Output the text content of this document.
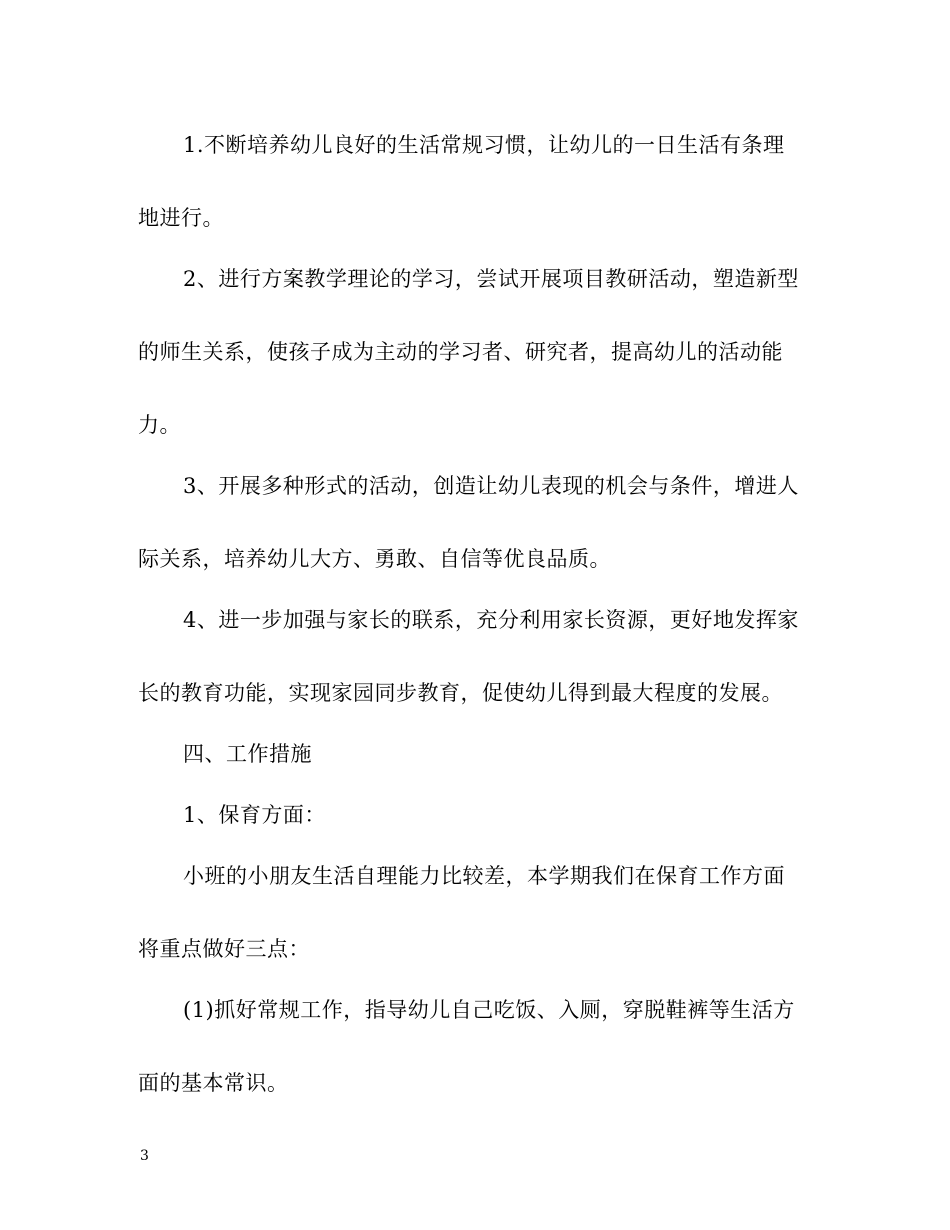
1.不断培养幼儿良好的生活常规习惯，让幼儿的一日生活有条理
地进行。
2、进行方案教学理论的学习，尝试开展项目教研活动，塑造新型
的师生关系，使孩子成为主动的学习者、研究者，提高幼儿的活动能
力。
3、开展多种形式的活动，创造让幼儿表现的机会与条件，增进人
际关系，培养幼儿大方、勇敢、自信等优良品质。
4、进一步加强与家长的联系，充分利用家长资源，更好地发挥家
长的教育功能，实现家园同步教育，促使幼儿得到最大程度的发展。
四、工作措施
1、保育方面：
小班的小朋友生活自理能力比较差，本学期我们在保育工作方面
将重点做好三点：
(1)抓好常规工作，指导幼儿自己吃饭、入厕，穿脱鞋裤等生活方
面的基本常识。
3
